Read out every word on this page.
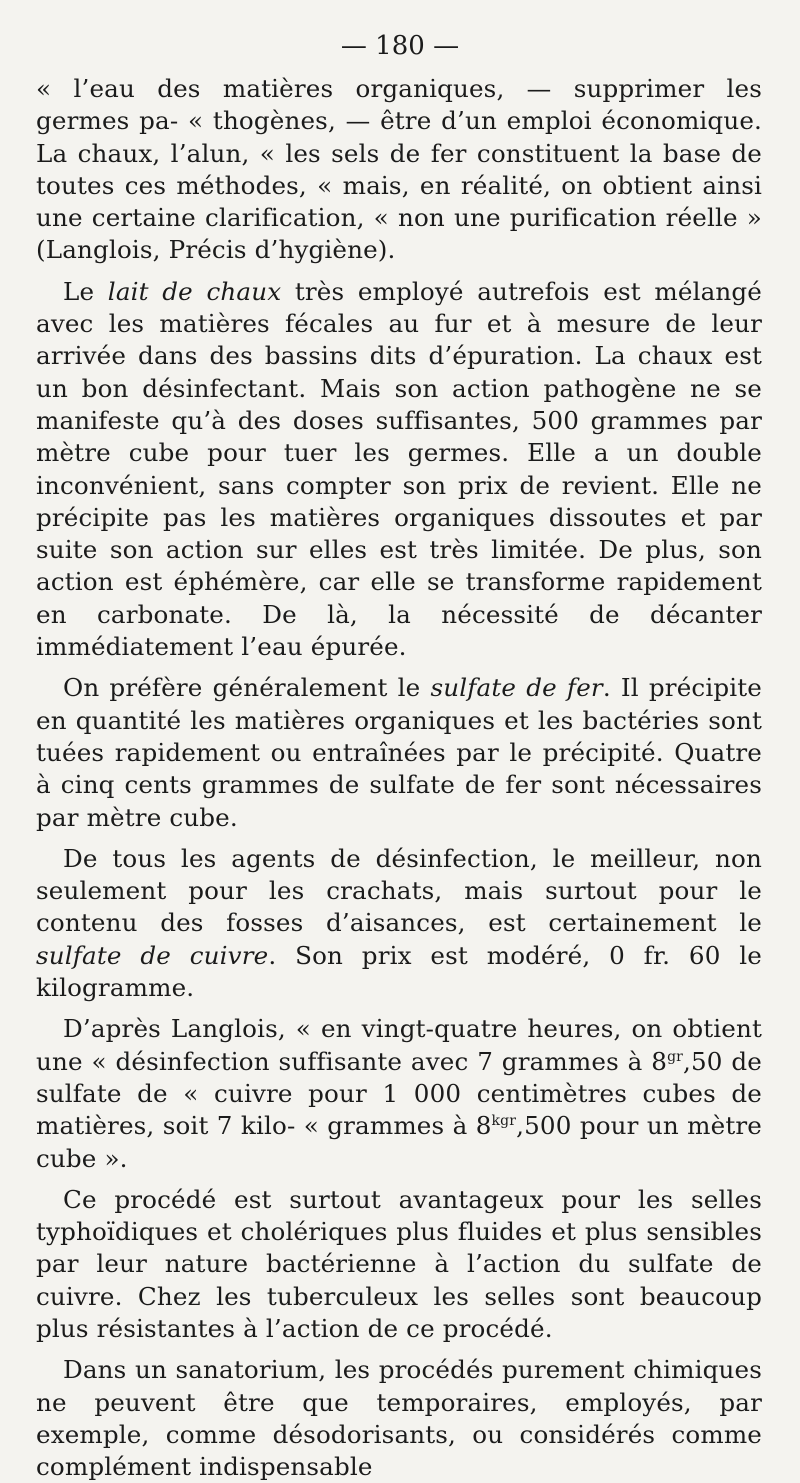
— 180 —

« l’eau des matières organiques, — supprimer les germes pa- « thogènes, — être d’un emploi économique. La chaux, l’alun, « les sels de fer constituent la base de toutes ces méthodes, « mais, en réalité, on obtient ainsi une certaine clarification, « non une purification réelle » (Langlois, Précis d’hygiène).

Le lait de chaux très employé autrefois est mélangé avec les matières fécales au fur et à mesure de leur arrivée dans des bassins dits d’épuration. La chaux est un bon désinfectant. Mais son action pathogène ne se manifeste qu’à des doses suffisantes, 500 grammes par mètre cube pour tuer les germes. Elle a un double inconvénient, sans compter son prix de revient. Elle ne précipite pas les matières organiques dissoutes et par suite son action sur elles est très limitée. De plus, son action est éphémère, car elle se transforme rapidement en carbonate. De là, la nécessité de décanter immédiatement l’eau épurée.

On préfère généralement le sulfate de fer. Il précipite en quantité les matières organiques et les bactéries sont tuées rapidement ou entraînées par le précipité. Quatre à cinq cents grammes de sulfate de fer sont nécessaires par mètre cube.

De tous les agents de désinfection, le meilleur, non seulement pour les crachats, mais surtout pour le contenu des fosses d’aisances, est certainement le sulfate de cuivre. Son prix est modéré, 0 fr. 60 le kilogramme.

D’après Langlois, « en vingt-quatre heures, on obtient une « désinfection suffisante avec 7 grammes à $8^{gr},50$ de sulfate de « cuivre pour 1 000 centimètres cubes de matières, soit 7 kilo- « grammes à $8^{kgr},500$ pour un mètre cube ».

Ce procédé est surtout avantageux pour les selles typhoïdiques et cholériques plus fluides et plus sensibles par leur nature bactérienne à l’action du sulfate de cuivre. Chez les tuberculeux les selles sont beaucoup plus résistantes à l’action de ce procédé.

Dans un sanatorium, les procédés purement chimiques ne peuvent être que temporaires, employés, par exemple, comme désodorisants, ou considérés comme complément indispensable
